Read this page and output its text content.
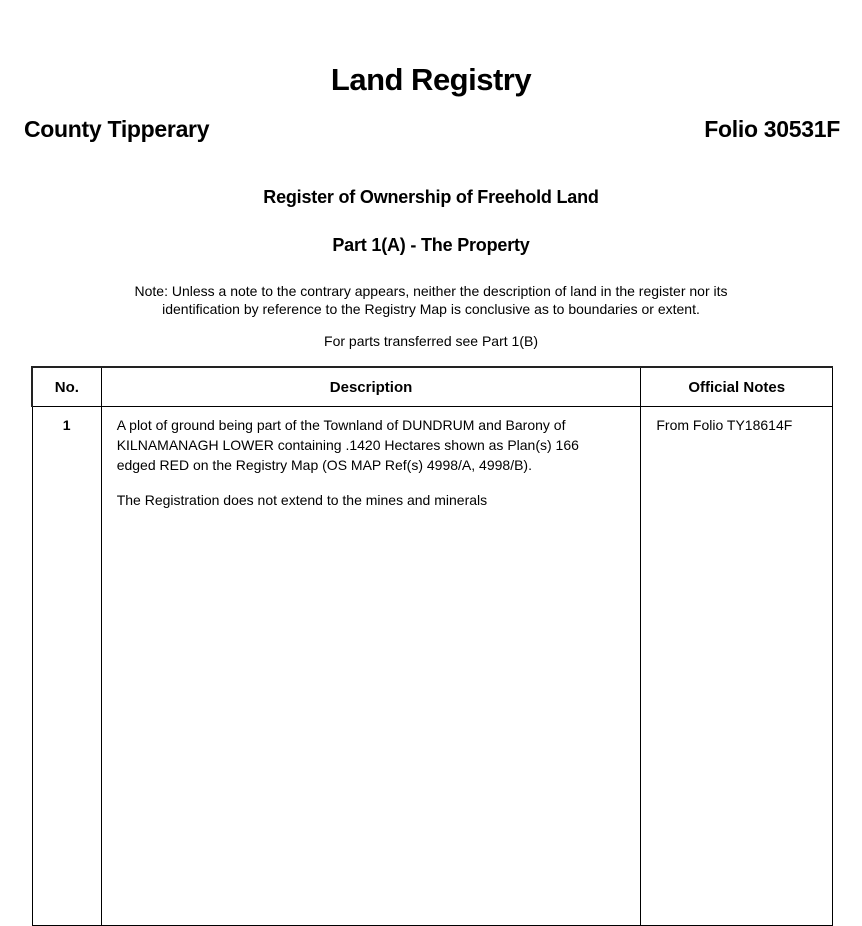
Land Registry
County Tipperary	Folio 30531F
Register of Ownership of Freehold Land
Part 1(A) - The Property
Note: Unless a note to the contrary appears, neither the description of land in the register nor its
identification by reference to the Registry Map is conclusive as to boundaries or extent.
For parts transferred see Part 1(B)
No.	Description	Official Notes
1	A plot of ground being part of the Townland of DUNDRUM and Barony of
KILNAMANAGH LOWER containing .1420 Hectares shown as Plan(s) 166
edged RED on the Registry Map (OS MAP Ref(s) 4998/A, 4998/B).

The Registration does not extend to the mines and minerals	From Folio TY18614F
